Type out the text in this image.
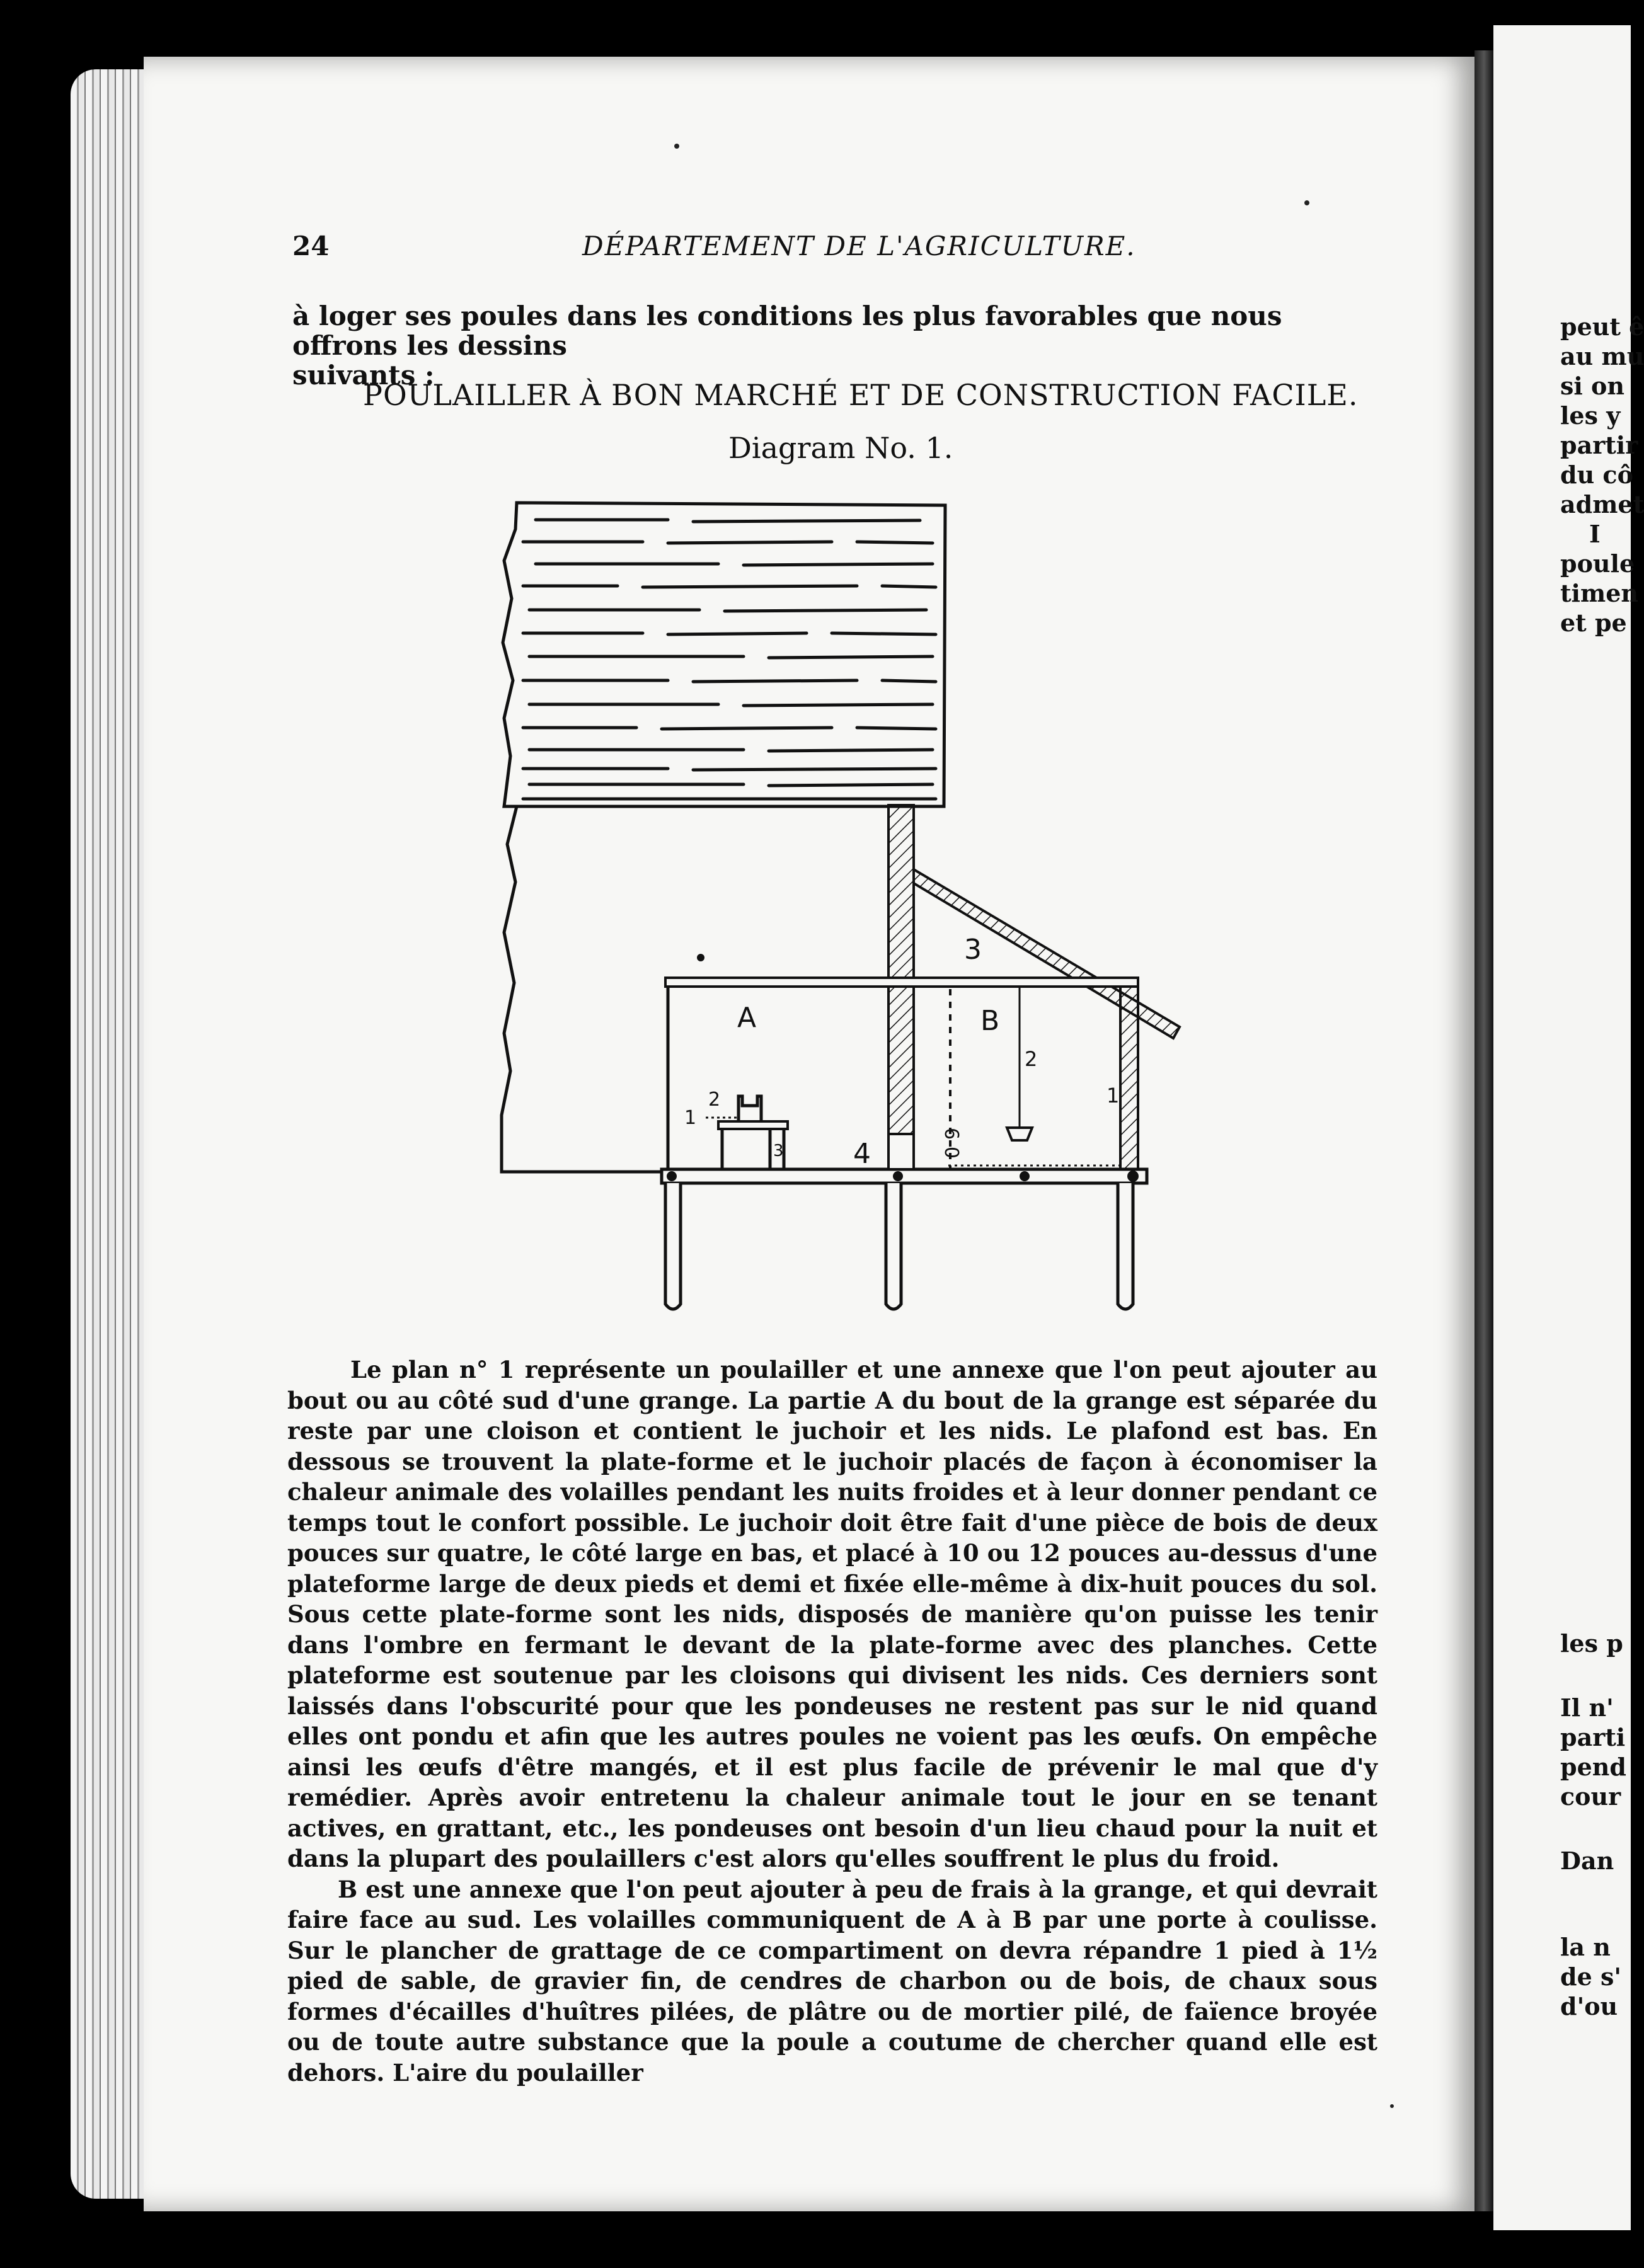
24	DÉPARTEMENT DE L'AGRICULTURE.

à loger ses poules dans les conditions les plus favorables que nous offrons les dessins

suivants :

POULAILLER À BON MARCHÉ ET DE CONSTRUCTION FACILE.
Diagram No. 1.
A	B
3
4
1
2
3
2
1
6-0

Le plan n° 1 représente un poulailler et une annexe que l'on peut ajouter au bout ou au côté sud d'une grange. La partie A du bout de la grange est séparée du reste par une cloison et contient le juchoir et les nids. Le plafond est bas. En dessous se trouvent la plate-forme et le juchoir placés de façon à économiser la chaleur animale des volailles pendant les nuits froides et à leur donner pendant ce temps tout le confort possible. Le juchoir doit être fait d'une pièce de bois de deux pouces sur quatre, le côté large en bas, et placé à 10 ou 12 pouces au-dessus d'une plateforme large de deux pieds et demi et fixée elle-même à dix-huit pouces du sol. Sous cette plate-forme sont les nids, disposés de manière qu'on puisse les tenir dans l'ombre en fermant le devant de la plate-forme avec des planches. Cette plateforme est soutenue par les cloisons qui divisent les nids. Ces derniers sont laissés dans l'obscurité pour que les pondeuses ne restent pas sur le nid quand elles ont pondu et afin que les autres poules ne voient pas les œufs. On empêche ainsi les œufs d'être mangés, et il est plus facile de prévenir le mal que d'y remédier. Après avoir entretenu la chaleur animale tout le jour en se tenant actives, en grattant, etc., les pondeuses ont besoin d'un lieu chaud pour la nuit et dans la plupart des poulaillers c'est alors qu'elles souffrent le plus du froid.

B est une annexe que l'on peut ajouter à peu de frais à la grange, et qui devrait faire face au sud. Les volailles communiquent de A à B par une porte à coulisse. Sur le plancher de grattage de ce compartiment on devra répandre 1 pied à 1½ pied de sable, de gravier fin, de cendres de charbon ou de bois, de chaux sous formes d'écailles d'huîtres pilées, de plâtre ou de mortier pilé, de faïence broyée ou de toute autre substance que la poule a coutume de chercher quand elle est dehors. L'aire du poulailler

peut ê
au mu
si on
les y
partir
du cô
admet
I
poule
timen
et pe
les p
Il n'
parti
pend
cour
Dan
la n
de s'
d'ou
